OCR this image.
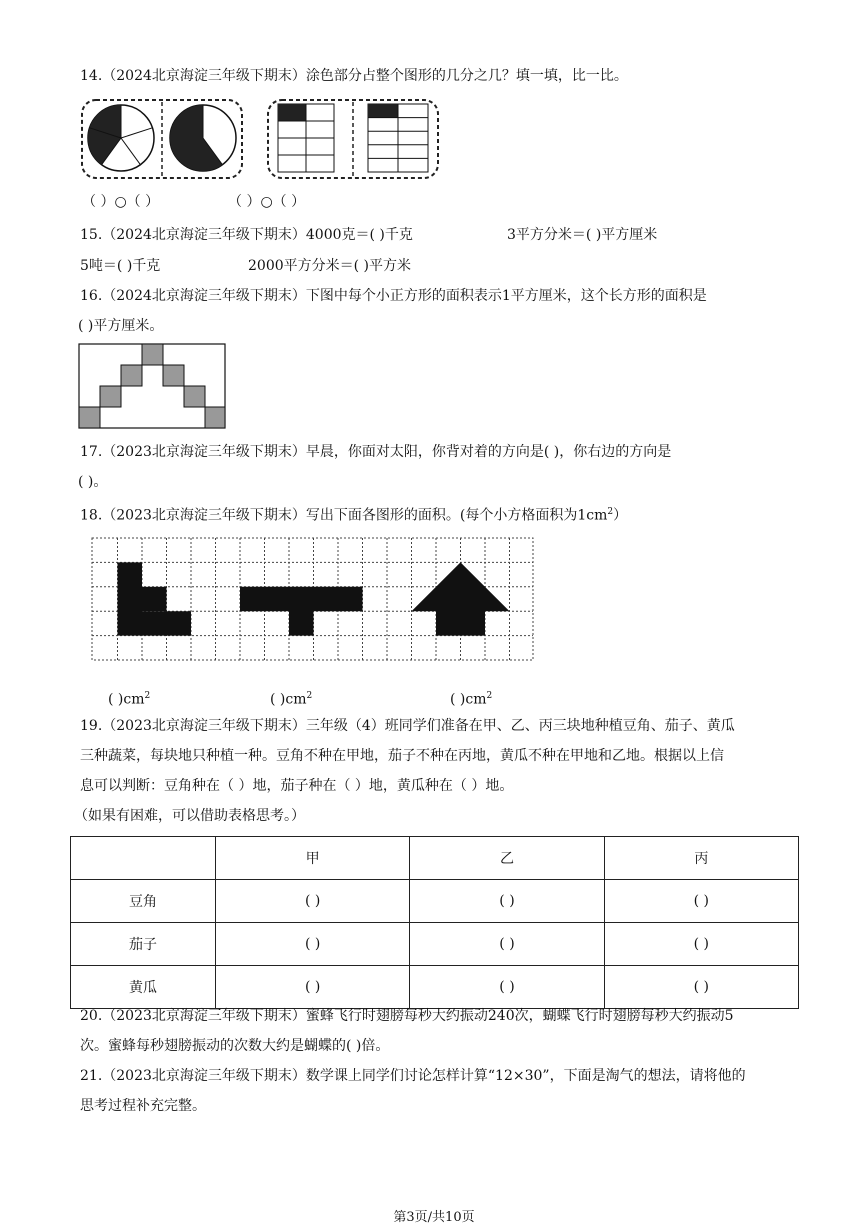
14.（2024北京海淀三年级下期末）涂色部分占整个图形的几分之几？填一填，比一比。
（ ）○（ ）	（ ）○（ ）
15.（2024北京海淀三年级下期末）4000克＝( )千克	3平方分米＝( )平方厘米
5吨＝( )千克	2000平方分米＝( )平方米
16.（2024北京海淀三年级下期末）下图中每个小正方形的面积表示1平方厘米，这个长方形的面积是
( )平方厘米。
17.（2023北京海淀三年级下期末）早晨，你面对太阳，你背对着的方向是( )，你右边的方向是
( )。
18.（2023北京海淀三年级下期末）写出下面各图形的面积。(每个小方格面积为$1cm^2$）
( )$cm^2$	( )$cm^2$	( )$cm^2$
19.（2023北京海淀三年级下期末）三年级（4）班同学们准备在甲、乙、丙三块地种植豆角、茄子、黄瓜
三种蔬菜，每块地只种植一种。豆角不种在甲地，茄子不种在丙地，黄瓜不种在甲地和乙地。根据以上信
息可以判断：豆角种在（ ）地，茄子种在（ ）地，黄瓜种在（ ）地。
（如果有困难，可以借助表格思考。）
	甲	乙	丙
豆角	( )	( )	( )
茄子	( )	( )	( )
黄瓜	( )	( )	( )
20.（2023北京海淀三年级下期末）蜜蜂飞行时翅膀每秒大约振动240次，蝴蝶飞行时翅膀每秒大约振动5
次。蜜蜂每秒翅膀振动的次数大约是蝴蝶的( )倍。
21.（2023北京海淀三年级下期末）数学课上同学们讨论怎样计算“12×30”，下面是淘气的想法，请将他的
思考过程补充完整。
第3页/共10页
